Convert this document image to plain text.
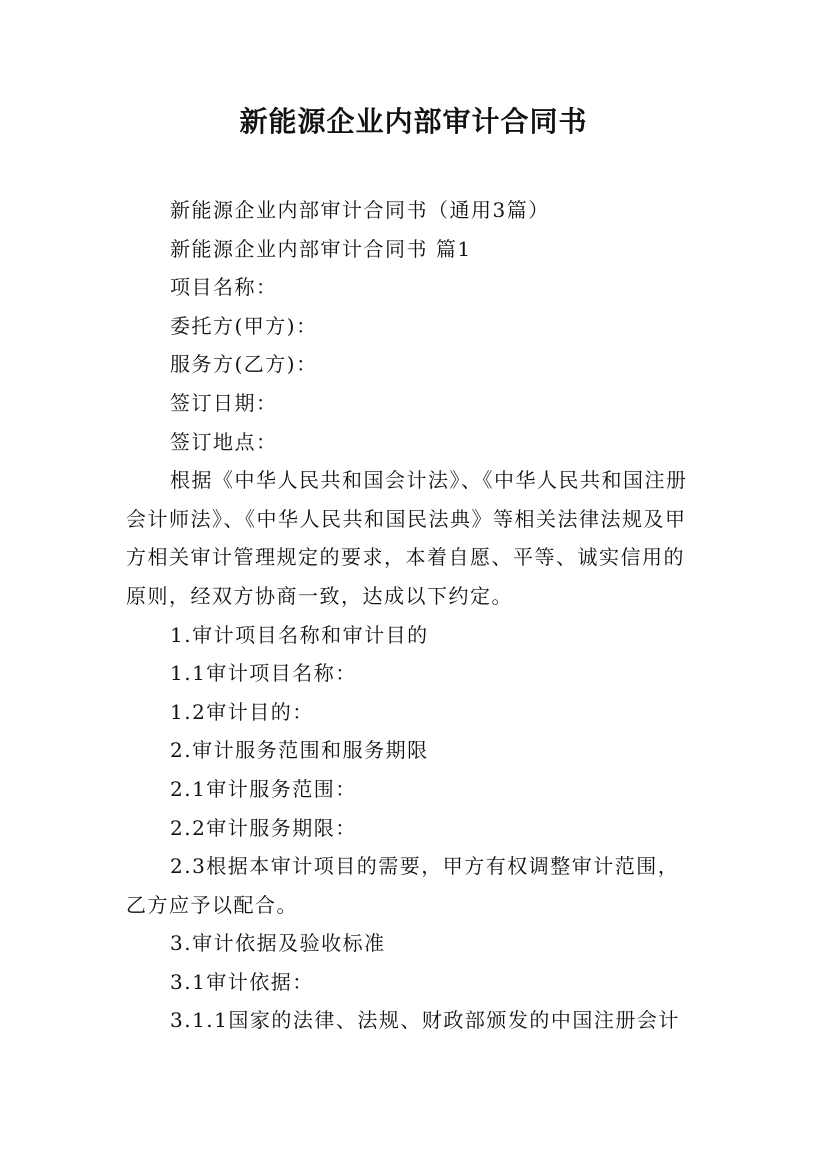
新能源企业内部审计合同书
新能源企业内部审计合同书（通用3篇）
新能源企业内部审计合同书 篇1
项目名称：
委托方(甲方)：
服务方(乙方)：
签订日期：
签订地点：
根据《中华人民共和国会计法》、《中华人民共和国注册
会计师法》、《中华人民共和国民法典》等相关法律法规及甲
方相关审计管理规定的要求，本着自愿、平等、诚实信用的
原则，经双方协商一致，达成以下约定。
1.审计项目名称和审计目的
1.1审计项目名称：
1.2审计目的：
2.审计服务范围和服务期限
2.1审计服务范围：
2.2审计服务期限：
2.3根据本审计项目的需要，甲方有权调整审计范围，
乙方应予以配合。
3.审计依据及验收标准
3.1审计依据：
3.1.1国家的法律、法规、财政部颁发的中国注册会计
